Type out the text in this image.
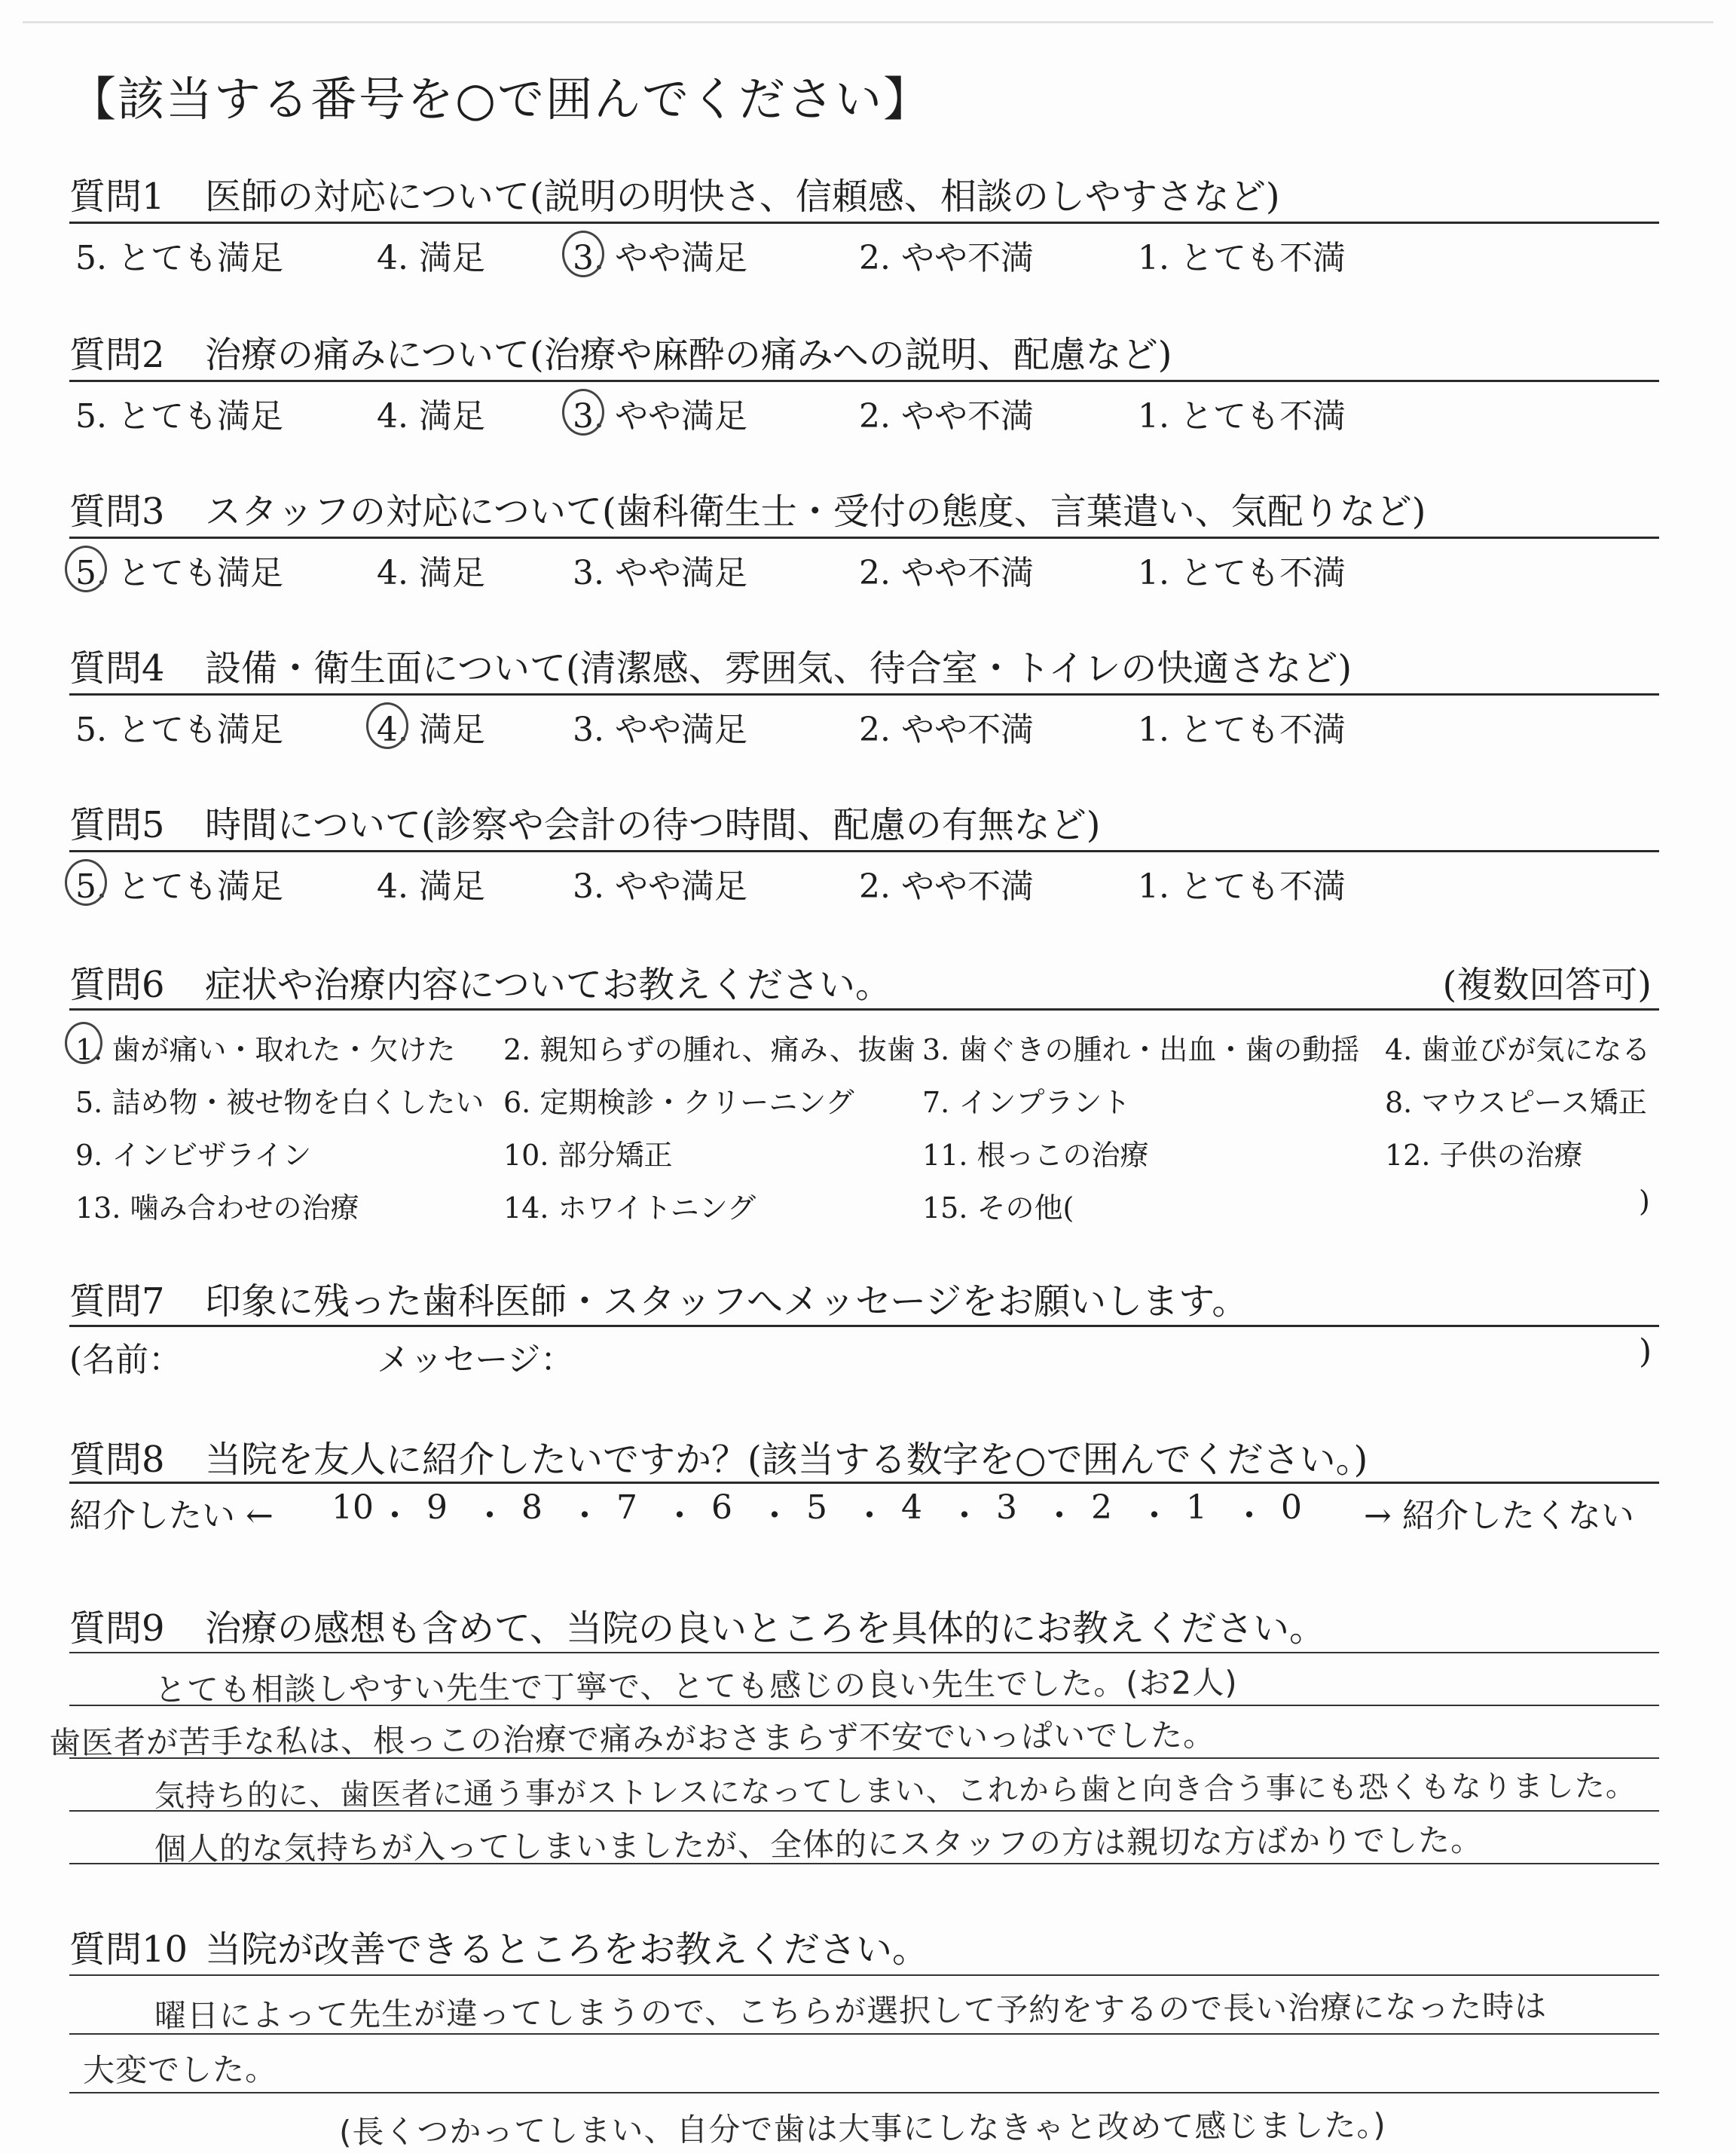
【該当する番号を○で囲んでください】
質問1 医師の対応について(説明の明快さ、信頼感、相談のしやすさなど)
5. とても満足	4. 満足	3. やや満足	2. やや不満	1. とても不満
質問2 治療の痛みについて(治療や麻酔の痛みへの説明、配慮など)
5. とても満足	4. 満足	3. やや満足	2. やや不満	1. とても不満
質問3 スタッフの対応について(歯科衛生士・受付の態度、言葉遣い、気配りなど)
5. とても満足	4. 満足	3. やや満足	2. やや不満	1. とても不満
質問4 設備・衛生面について(清潔感、雰囲気、待合室・トイレの快適さなど)
5. とても満足	4. 満足	3. やや満足	2. やや不満	1. とても不満
質問5 時間について(診察や会計の待つ時間、配慮の有無など)
5. とても満足	4. 満足	3. やや満足	2. やや不満	1. とても不満
質問6 症状や治療内容についてお教えください。	(複数回答可)
1. 歯が痛い・取れた・欠けた 2. 親知らずの腫れ、痛み、抜歯 3. 歯ぐきの腫れ・出血・歯の動揺 4. 歯並びが気になる
5. 詰め物・被せ物を白くしたい 6. 定期検診・クリーニング 7. インプラント	8. マウスピース矯正
9. インビザライン	10. 部分矯正	11. 根っこの治療	12. 子供の治療
13. 噛み合わせの治療	14. ホワイトニング	15. その他(	)
質問7 印象に残った歯科医師・スタッフへメッセージをお願いします。
(名前：	メッセージ：	)
質問8 当院を友人に紹介したいですか？(該当する数字を○で囲んでください。)
紹介したい ←	→ 紹介したくない
10 ・ 9 ・ 8 ・ 7 ・ 6 ・ 5 ・ 4 ・ 3 ・ 2 ・ 1 ・ 0
質問9 治療の感想も含めて、当院の良いところを具体的にお教えください。
とても相談しやすい先生で丁寧で、とても感じの良い先生でした。(お2人)
歯医者が苦手な私は、根っこの治療で痛みがおさまらず不安でいっぱいでした。
気持ち的に、歯医者に通う事がストレスになってしまい、これから歯と向き合う事にも恐くもなりました。
個人的な気持ちが入ってしまいましたが、全体的にスタッフの方は親切な方ばかりでした。
質問10 当院が改善できるところをお教えください。
曜日によって先生が違ってしまうので、こちらが選択して予約をするので長い治療になった時は
大変でした。
(長くつかってしまい、自分で歯は大事にしなきゃと改めて感じました。)
